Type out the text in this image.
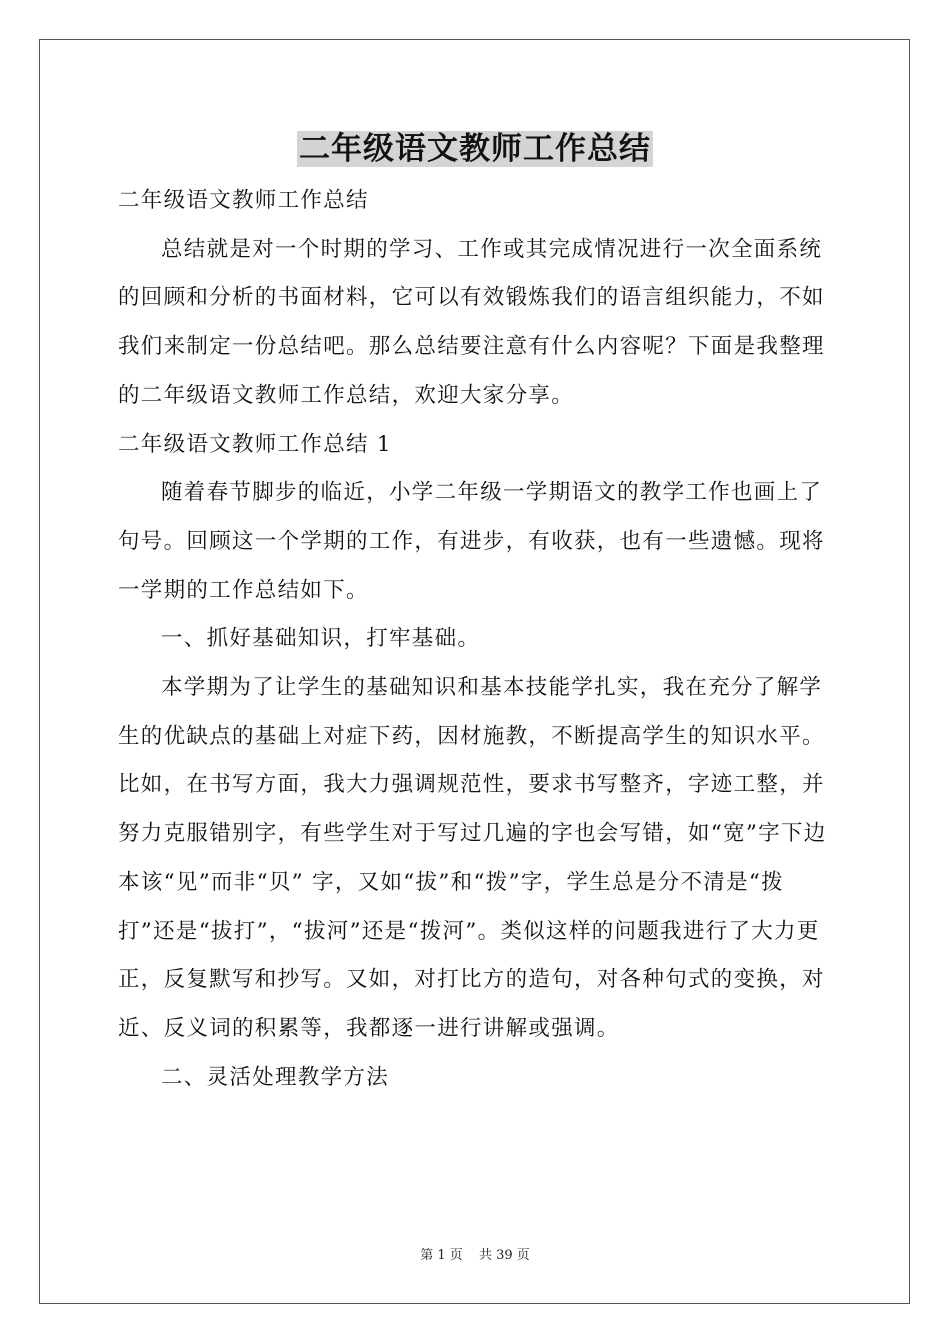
二年级语文教师工作总结

二年级语文教师工作总结

总结就是对一个时期的学习、工作或其完成情况进行一次全面系统的回顾和分析的书面材料，它可以有效锻炼我们的语言组织能力，不如我们来制定一份总结吧。那么总结要注意有什么内容呢？下面是我整理的二年级语文教师工作总结，欢迎大家分享。

二年级语文教师工作总结 1

随着春节脚步的临近，小学二年级一学期语文的教学工作也画上了句号。回顾这一个学期的工作，有进步，有收获，也有一些遗憾。现将一学期的工作总结如下。

一、抓好基础知识，打牢基础。

本学期为了让学生的基础知识和基本技能学扎实，我在充分了解学生的优缺点的基础上对症下药，因材施教，不断提高学生的知识水平。比如，在书写方面，我大力强调规范性，要求书写整齐，字迹工整，并努力克服错别字，有些学生对于写过几遍的字也会写错，如“宽”字下边本该“见”而非“贝” 字，又如“拔”和“拨”字，学生总是分不清是“拨打”还是“拔打”，“拔河”还是“拨河”。类似这样的问题我进行了大力更正，反复默写和抄写。又如，对打比方的造句，对各种句式的变换，对近、反义词的积累等，我都逐一进行讲解或强调。

二、灵活处理教学方法

第 1 页 共 39 页
